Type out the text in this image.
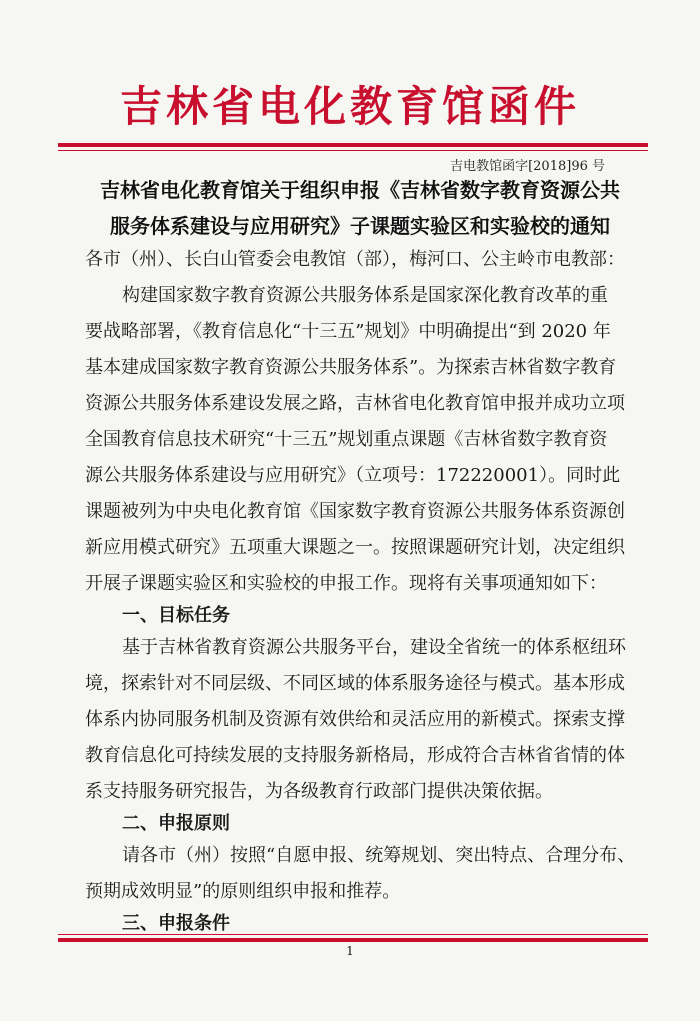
吉林省电化教育馆函件
吉电教馆函字[2018]96 号
吉林省电化教育馆关于组织申报《吉林省数字教育资源公共
服务体系建设与应用研究》子课题实验区和实验校的通知
各市（州）、长白山管委会电教馆（部），梅河口、公主岭市电教部：
构建国家数字教育资源公共服务体系是国家深化教育改革的重
要战略部署，《教育信息化“十三五”规划》中明确提出“到 2020 年
基本建成国家数字教育资源公共服务体系”。为探索吉林省数字教育
资源公共服务体系建设发展之路，吉林省电化教育馆申报并成功立项
全国教育信息技术研究“十三五”规划重点课题《吉林省数字教育资
源公共服务体系建设与应用研究》（立项号：172220001）。同时此
课题被列为中央电化教育馆《国家数字教育资源公共服务体系资源创
新应用模式研究》五项重大课题之一。按照课题研究计划，决定组织
开展子课题实验区和实验校的申报工作。现将有关事项通知如下：
一、目标任务
基于吉林省教育资源公共服务平台，建设全省统一的体系枢纽环
境，探索针对不同层级、不同区域的体系服务途径与模式。基本形成
体系内协同服务机制及资源有效供给和灵活应用的新模式。探索支撑
教育信息化可持续发展的支持服务新格局，形成符合吉林省省情的体
系支持服务研究报告，为各级教育行政部门提供决策依据。
二、申报原则
请各市（州）按照“自愿申报、统筹规划、突出特点、合理分布、
预期成效明显”的原则组织申报和推荐。
三、申报条件
1
